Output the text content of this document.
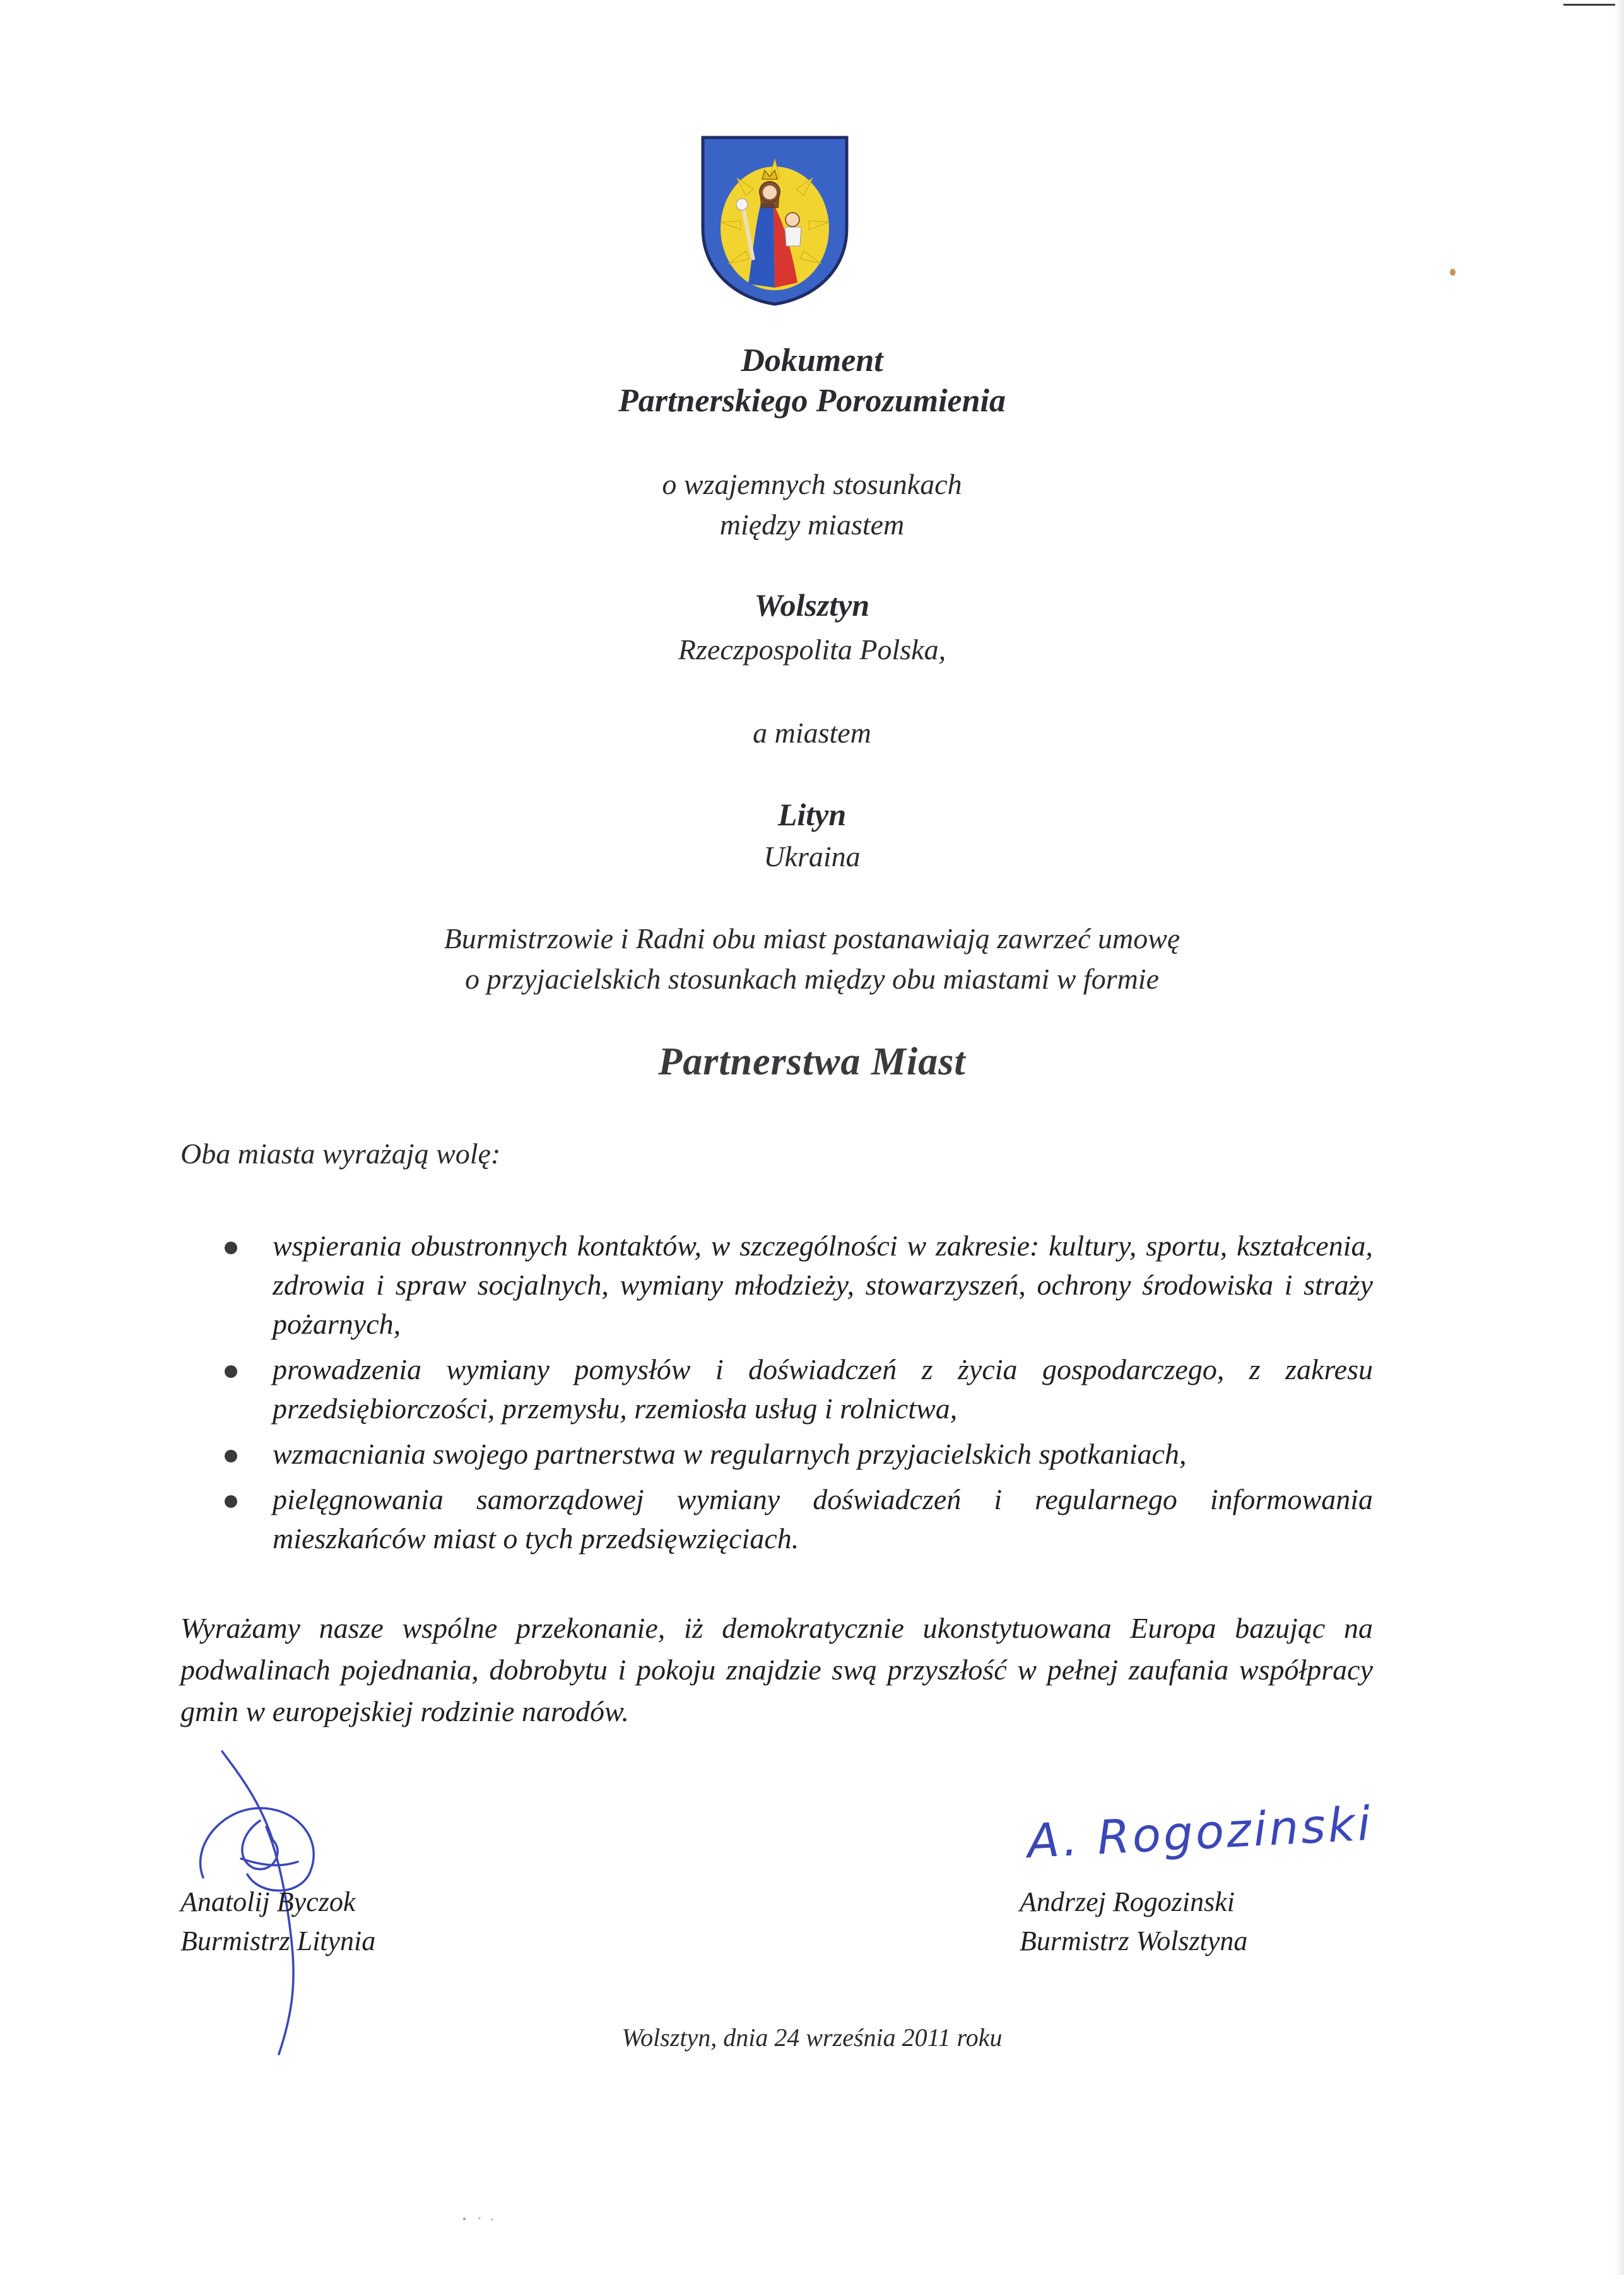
Dokument
Partnerskiego Porozumienia
o wzajemnych stosunkach
między miastem
Wolsztyn
Rzeczpospolita Polska,
a miastem
Lityn
Ukraina
Burmistrzowie i Radni obu miast postanawiają zawrzeć umowę
o przyjacielskich stosunkach między obu miastami w formie
Partnerstwa Miast
Oba miasta wyrażają wolę:
wspierania obustronnych kontaktów, w szczególności w zakresie: kultury, sportu, kształcenia, zdrowia i spraw socjalnych, wymiany młodzieży, stowarzyszeń, ochrony środowiska i straży pożarnych,
prowadzenia wymiany pomysłów i doświadczeń z życia gospodarczego, z zakresu przedsiębiorczości, przemysłu, rzemiosła usług i rolnictwa,
wzmacniania swojego partnerstwa w regularnych przyjacielskich spotkaniach,
pielęgnowania samorządowej wymiany doświadczeń i regularnego informowania mieszkańców miast o tych przedsięwzięciach.
Wyrażamy nasze wspólne przekonanie, iż demokratycznie ukonstytuowana Europa bazując na podwalinach pojednania, dobrobytu i pokoju znajdzie swą przyszłość w pełnej zaufania współpracy gmin w europejskiej rodzinie narodów.
Anatolij Byczok
Burmistrz Litynia
A. Rogozinski
Andrzej Rogozinski
Burmistrz Wolsztyna
Wolsztyn, dnia 24 września 2011 roku
